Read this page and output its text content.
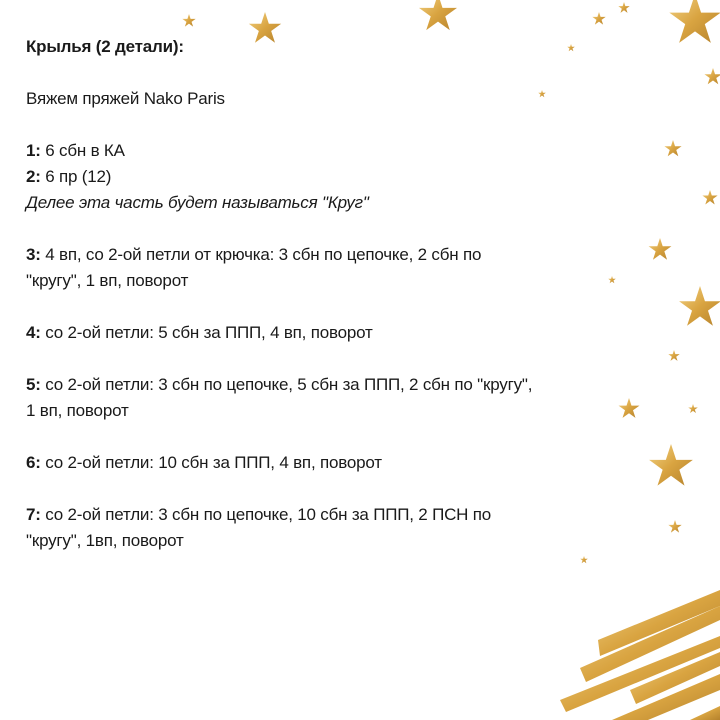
Крылья (2 детали):

Вяжем пряжей Nako Paris

1: 6 сбн в КА

2: 6 пр (12)

Делее эта часть будет называться "Круг"

3: 4 вп, со 2-ой петли от крючка: 3 сбн по цепочке, 2 сбн по

"кругу", 1 вп, поворот

4: со 2-ой петли: 5 сбн за ППП, 4 вп, поворот

5: со 2-ой петли: 3 сбн по цепочке, 5 сбн за ППП, 2 сбн по "кругу",

1 вп, поворот

6: со 2-ой петли: 10 сбн за ППП, 4 вп, поворот

7: со 2-ой петли: 3 сбн по цепочке, 10 сбн за ППП, 2 ПСН по

"кругу", 1вп, поворот
